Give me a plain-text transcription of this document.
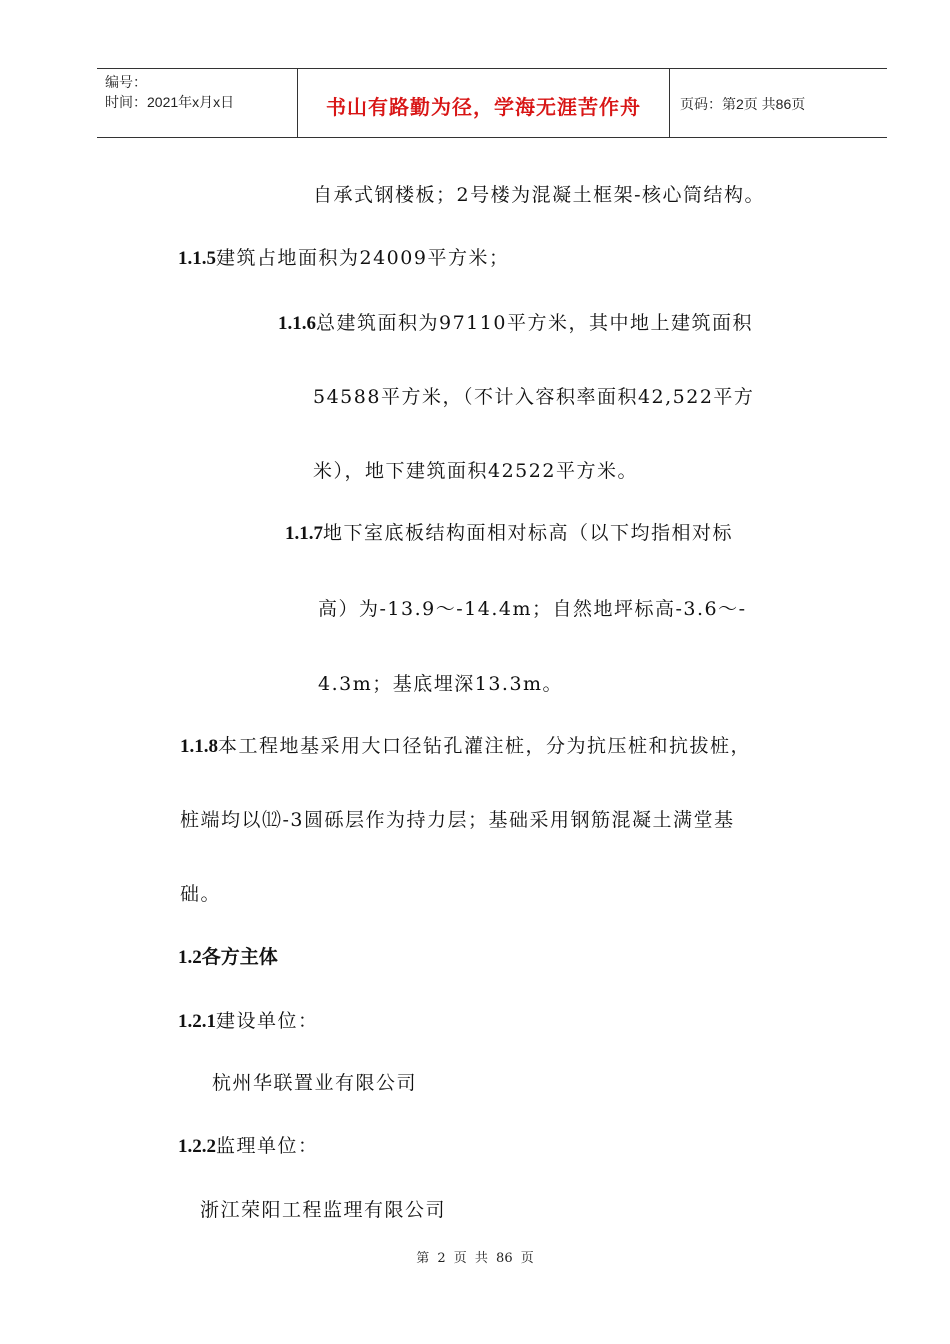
编号：
时间：2021年x月x日	书山有路勤为径，学海无涯苦作舟	页码：第2页 共86页
自承式钢楼板；2号楼为混凝土框架-核心筒结构。
1.1.5建筑占地面积为24009平方米；
1.1.6总建筑面积为97110平方米，其中地上建筑面积
54588平方米，（不计入容积率面积42,522平方
米），地下建筑面积42522平方米。
1.1.7地下室底板结构面相对标高（以下均指相对标
高）为-13.9～-14.4m；自然地坪标高-3.6～-
4.3m；基底埋深13.3m。
1.1.8本工程地基采用大口径钻孔灌注桩，分为抗压桩和抗拔桩，
桩端均以⑿-3圆砾层作为持力层；基础采用钢筋混凝土满堂基
础。
1.2各方主体
1.2.1建设单位：
杭州华联置业有限公司
1.2.2监理单位：
浙江荣阳工程监理有限公司
第 2 页 共 86 页
